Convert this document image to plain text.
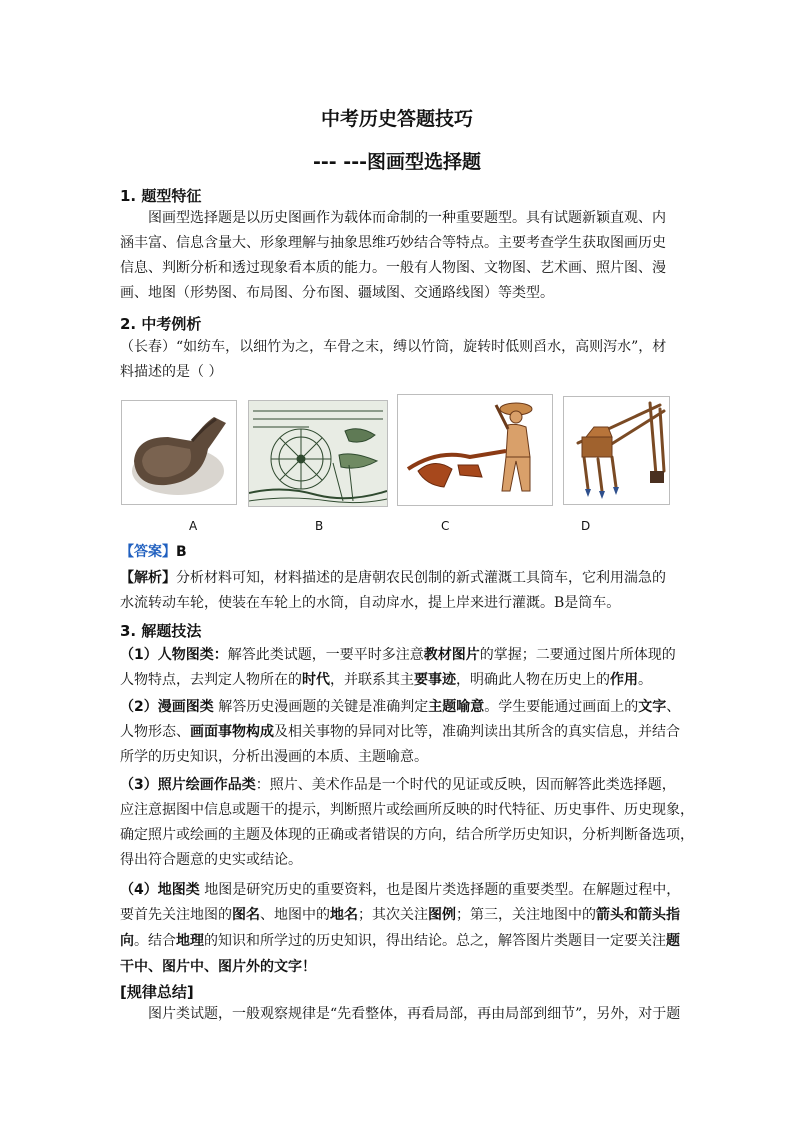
中考历史答题技巧
--- ---图画型选择题
1. 题型特征
图画型选择题是以历史图画作为载体而命制的一种重要题型。具有试题新颖直观、内涵丰富、信息含量大、形象理解与抽象思维巧妙结合等特点。主要考查学生获取图画历史信息、判断分析和透过现象看本质的能力。一般有人物图、文物图、艺术画、照片图、漫画、地图（形势图、布局图、分布图、疆域图、交通路线图）等类型。
2. 中考例析
（长春）“如纺车，以细竹为之，车骨之末，缚以竹筒，旋转时低则舀水，高则泻水”，材料描述的是（ ）
A	B	C	D
【答案】B
【解析】分析材料可知，材料描述的是唐朝农民创制的新式灌溉工具筒车，它利用湍急的水流转动车轮，使装在车轮上的水筒，自动戽水，提上岸来进行灌溉。B是筒车。
3. 解题技法
（1）人物图类：解答此类试题，一要平时多注意教材图片的掌握；二要通过图片所体现的
人物特点，去判定人物所在的时代，并联系其主要事迹，明确此人物在历史上的作用。
（2）漫画图类 解答历史漫画题的关键是准确判定主题喻意。学生要能通过画面上的文字、
人物形态、画面事物构成及相关事物的异同对比等，准确判读出其所含的真实信息，并结合
所学的历史知识，分析出漫画的本质、主题喻意。
（3）照片绘画作品类：照片、美术作品是一个时代的见证或反映，因而解答此类选择题，
应注意据图中信息或题干的提示，判断照片或绘画所反映的时代特征、历史事件、历史现象，
确定照片或绘画的主题及体现的正确或者错误的方向，结合所学历史知识，分析判断备选项，
得出符合题意的史实或结论。
（4）地图类 地图是研究历史的重要资料，也是图片类选择题的重要类型。在解题过程中，
要首先关注地图的图名、地图中的地名；其次关注图例；第三，关注地图中的箭头和箭头指
向。结合地理的知识和所学过的历史知识，得出结论。总之，解答图片类题目一定要关注题
干中、图片中、图片外的文字！
[规律总结]
图片类试题，一般观察规律是“先看整体，再看局部，再由局部到细节”，另外，对于题
